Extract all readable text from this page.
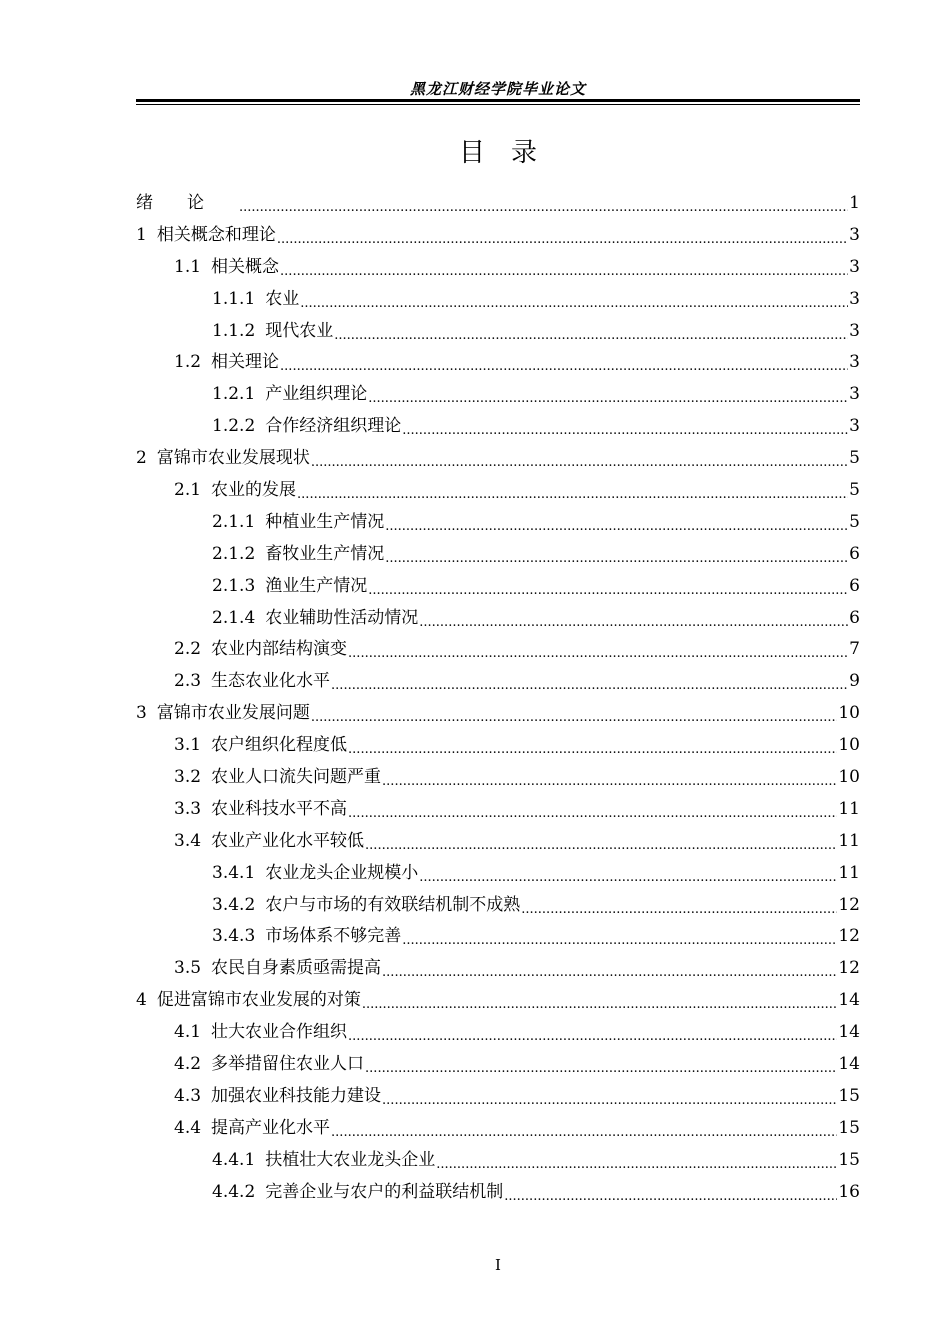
黑龙江财经学院毕业论文
目　录
绪论 .....	1
1 相关概念和理论 .....	3
1.1 相关概念 .....	3
1.1.1 农业 .....	3
1.1.2 现代农业 .....	3
1.2 相关理论 .....	3
1.2.1 产业组织理论 .....	3
1.2.2 合作经济组织理论 .....	3
2 富锦市农业发展现状 .....	5
2.1 农业的发展 .....	5
2.1.1 种植业生产情况 .....	5
2.1.2 畜牧业生产情况 .....	6
2.1.3 渔业生产情况 .....	6
2.1.4 农业辅助性活动情况 .....	6
2.2 农业内部结构演变 .....	7
2.3 生态农业化水平 .....	9
3 富锦市农业发展问题 .....	10
3.1 农户组织化程度低 .....	10
3.2 农业人口流失问题严重 .....	10
3.3 农业科技水平不高 .....	11
3.4 农业产业化水平较低 .....	11
3.4.1 农业龙头企业规模小 .....	11
3.4.2 农户与市场的有效联结机制不成熟 .....	12
3.4.3 市场体系不够完善 .....	12
3.5 农民自身素质亟需提高 .....	12
4 促进富锦市农业发展的对策 .....	14
4.1 壮大农业合作组织 .....	14
4.2 多举措留住农业人口 .....	14
4.3 加强农业科技能力建设 .....	15
4.4 提高产业化水平 .....	15
4.4.1 扶植壮大农业龙头企业 .....	15
4.4.2 完善企业与农户的利益联结机制 .....	16
I
